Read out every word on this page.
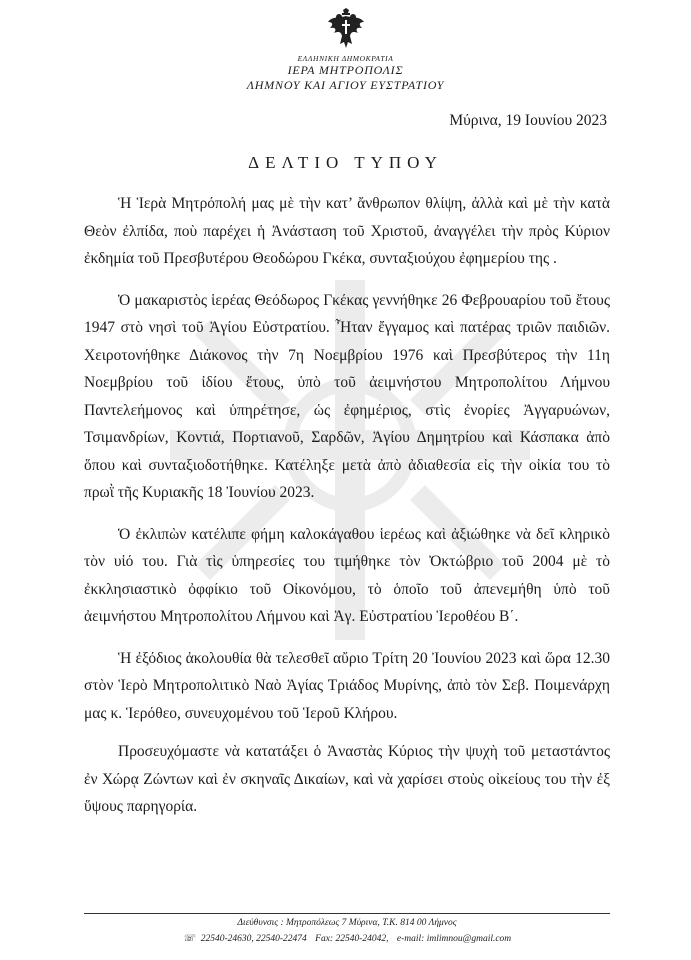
ΕΛΛΗΝΙΚΗ ΔΗΜΟΚΡΑΤΙΑ
ΙΕΡΑ ΜΗΤΡΟΠΟΛΙΣ
ΛΗΜΝΟΥ ΚΑΙ ΑΓΙΟΥ ΕΥΣΤΡΑΤΙΟΥ
Μύρινα, 19 Ιουνίου 2023
ΔΕΛΤΙΟ ΤΥΠΟΥ

Ἡ Ἱερὰ Μητρόπολή μας μὲ τὴν κατ’ ἄνθρωπον θλίψη, ἀλλὰ καὶ μὲ τὴν κατὰ Θεὸν ἐλπίδα, ποὺ παρέχει ἡ Ἀνάσταση τοῦ Χριστοῦ, ἀναγγέλει τὴν πρὸς Κύριον ἐκδημία τοῦ Πρεσβυτέρου Θεοδώρου Γκέκα, συνταξιούχου ἐφημερίου της .

Ὁ μακαριστὸς ἱερέας Θεόδωρος Γκέκας γεννήθηκε 26 Φεβρουαρίου τοῦ ἔτους 1947 στὸ νησὶ τοῦ Ἁγίου Εὐστρατίου. Ἦταν ἔγγαμος καὶ πατέρας τριῶν παιδιῶν. Χειροτονήθηκε Διάκονος τὴν 7η Νοεμβρίου 1976 καὶ Πρεσβύτερος τὴν 11η Νοεμβρίου τοῦ ἰδίου ἔτους, ὑπὸ τοῦ ἀειμνήστου Μητροπολίτου Λήμνου Παντελεήμονος καὶ ὑπηρέτησε, ὡς ἐφημέριος, στὶς ἐνορίες Ἀγγαρυώνων, Τσιμανδρίων, Κοντιά, Πορτιανοῦ, Σαρδῶν, Ἁγίου Δημητρίου καὶ Κάσπακα ἀπὸ ὅπου καὶ συνταξιοδοτήθηκε. Κατέληξε μετὰ ἀπὸ ἀδιαθεσία εἰς τὴν οἰκία του τὸ πρωῒ τῆς Κυριακῆς 18 Ἰουνίου 2023.

Ὁ ἐκλιπὼν κατέλιπε φήμη καλοκάγαθου ἱερέως καὶ ἀξιώθηκε νὰ δεῖ κληρικὸ τὸν υἱό του. Γιὰ τὶς ὑπηρεσίες του τιμήθηκε τὸν Ὀκτώβριο τοῦ 2004 μὲ τὸ ἐκκλησιαστικὸ ὀφφίκιο τοῦ Οἰκονόμου, τὸ ὁποῖο τοῦ ἀπενεμήθη ὑπὸ τοῦ ἀειμνήστου Μητροπολίτου Λήμνου καὶ Ἁγ. Εὐστρατίου Ἱεροθέου Β΄.

Ἡ ἐξόδιος ἀκολουθία θὰ τελεσθεῖ αὔριο Τρίτη 20 Ἰουνίου 2023 καὶ ὥρα 12.30 στὸν Ἱερὸ Μητροπολιτικὸ Ναὸ Ἁγίας Τριάδος Μυρίνης, ἀπὸ τὸν Σεβ. Ποιμενάρχη μας κ. Ἱερόθεο, συνευχομένου τοῦ Ἱεροῦ Κλήρου.

Προσευχόμαστε νὰ κατατάξει ὁ Ἀναστὰς Κύριος τὴν ψυχὴ τοῦ μεταστάντος ἐν Χώρᾳ Ζώντων καὶ ἐν σκηναῖς Δικαίων, καὶ νὰ χαρίσει στοὺς οἰκείους του τὴν ἐξ ὕψους παρηγορία.

Διεύθυνσις : Μητροπόλεως 7 Μύρινα, Τ.Κ. 814 00 Λήμνος
☏ 22540-24630, 22540-22474 Fax: 22540-24042, e-mail: imlimnou@gmail.com
